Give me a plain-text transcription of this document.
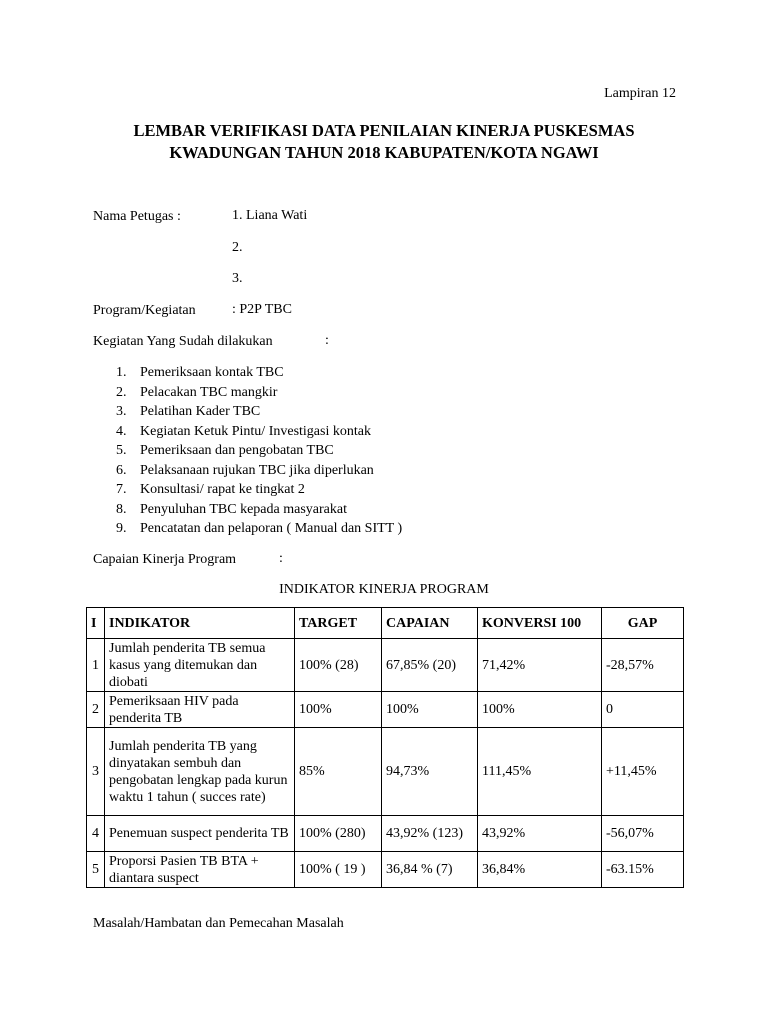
Lampiran 12
LEMBAR VERIFIKASI DATA PENILAIAN KINERJA PUSKESMAS
KWADUNGAN TAHUN 2018 KABUPATEN/KOTA NGAWI
Nama Petugas :	1. Liana Wati
2.
3.
Program/Kegiatan	: P2P TBC
Kegiatan Yang Sudah dilakukan	:
1. Pemeriksaan kontak TBC
2. Pelacakan TBC mangkir
3. Pelatihan Kader TBC
4. Kegiatan Ketuk Pintu/ Investigasi kontak
5. Pemeriksaan dan pengobatan TBC
6. Pelaksanaan rujukan TBC jika diperlukan
7. Konsultasi/ rapat ke tingkat 2
8. Penyuluhan TBC kepada masyarakat
9. Pencatatan dan pelaporan ( Manual dan SITT )
Capaian Kinerja Program	:
INDIKATOR KINERJA PROGRAM
I	INDIKATOR	TARGET	CAPAIAN	KONVERSI 100	GAP
1	Jumlah penderita TB semua kasus yang ditemukan dan diobati	100% (28)	67,85% (20)	71,42%	-28,57%
2	Pemeriksaan HIV pada penderita TB	100%	100%	100%	0
3	Jumlah penderita TB yang dinyatakan sembuh dan pengobatan lengkap pada kurun waktu 1 tahun ( succes rate)	85%	94,73%	111,45%	+11,45%
4	Penemuan suspect penderita TB	100% (280)	43,92% (123)	43,92%	-56,07%
5	Proporsi Pasien TB BTA + diantara suspect	100% ( 19 )	36,84 % (7)	36,84%	-63.15%
Masalah/Hambatan dan Pemecahan Masalah
